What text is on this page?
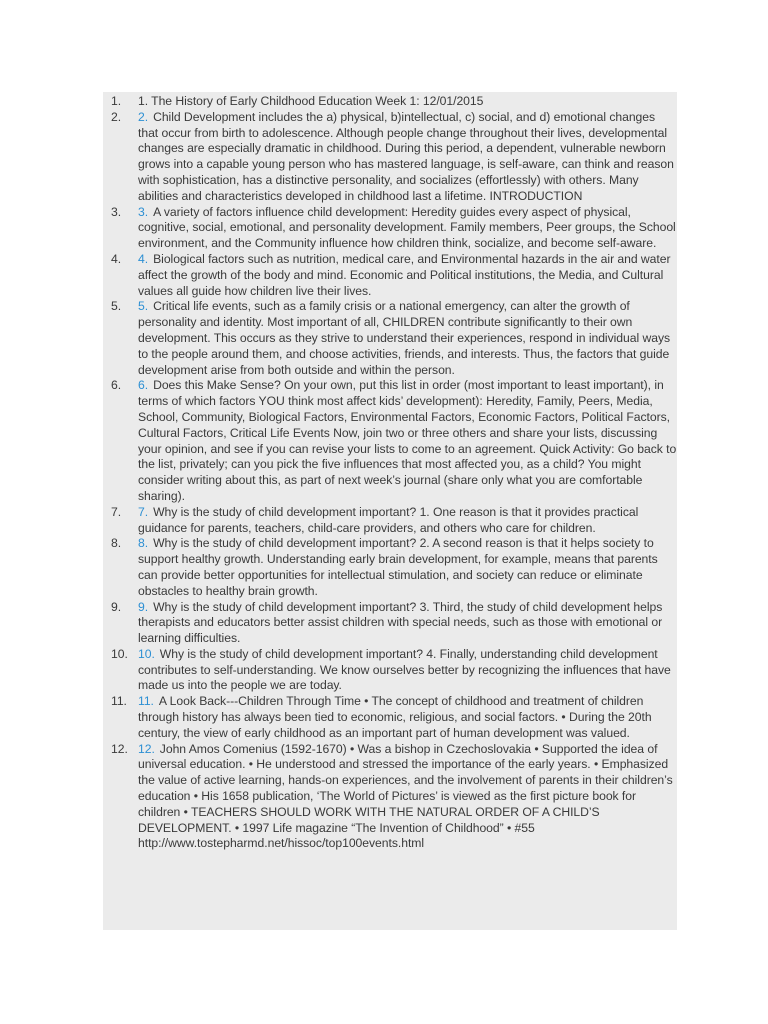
1.	1. The History of Early Childhood Education Week 1: 12/01/2015
2.	2. Child Development includes the a) physical, b)intellectual, c) social, and d) emotional changes that occur from birth to adolescence. Although people change throughout their lives, developmental changes are especially dramatic in childhood. During this period, a dependent, vulnerable newborn grows into a capable young person who has mastered language, is self-aware, can think and reason with sophistication, has a distinctive personality, and socializes (effortlessly) with others. Many abilities and characteristics developed in childhood last a lifetime. INTRODUCTION
3.	3. A variety of factors influence child development: Heredity guides every aspect of physical, cognitive, social, emotional, and personality development. Family members, Peer groups, the School environment, and the Community influence how children think, socialize, and become self-aware.
4.	4. Biological factors such as nutrition, medical care, and Environmental hazards in the air and water affect the growth of the body and mind. Economic and Political institutions, the Media, and Cultural values all guide how children live their lives.
5.	5. Critical life events, such as a family crisis or a national emergency, can alter the growth of personality and identity. Most important of all, CHILDREN contribute significantly to their own development. This occurs as they strive to understand their experiences, respond in individual ways to the people around them, and choose activities, friends, and interests. Thus, the factors that guide development arise from both outside and within the person.
6.	6. Does this Make Sense? On your own, put this list in order (most important to least important), in terms of which factors YOU think most affect kids’ development): Heredity, Family, Peers, Media, School, Community, Biological Factors, Environmental Factors, Economic Factors, Political Factors, Cultural Factors, Critical Life Events Now, join two or three others and share your lists, discussing your opinion, and see if you can revise your lists to come to an agreement. Quick Activity: Go back to the list, privately; can you pick the five influences that most affected you, as a child? You might consider writing about this, as part of next week’s journal (share only what you are comfortable sharing).
7.	7. Why is the study of child development important? 1. One reason is that it provides practical guidance for parents, teachers, child-care providers, and others who care for children.
8.	8. Why is the study of child development important? 2. A second reason is that it helps society to support healthy growth. Understanding early brain development, for example, means that parents can provide better opportunities for intellectual stimulation, and society can reduce or eliminate obstacles to healthy brain growth.
9.	9. Why is the study of child development important? 3. Third, the study of child development helps therapists and educators better assist children with special needs, such as those with emotional or learning difficulties.
10. 10. Why is the study of child development important? 4. Finally, understanding child development contributes to self-understanding. We know ourselves better by recognizing the influences that have made us into the people we are today.
11. 11. A Look Back---Children Through Time • The concept of childhood and treatment of children through history has always been tied to economic, religious, and social factors. • During the 20th century, the view of early childhood as an important part of human development was valued.
12. 12. John Amos Comenius (1592-1670) • Was a bishop in Czechoslovakia • Supported the idea of universal education. • He understood and stressed the importance of the early years. • Emphasized the value of active learning, hands-on experiences, and the involvement of parents in their children’s education • His 1658 publication, ‘The World of Pictures’ is viewed as the first picture book for children • TEACHERS SHOULD WORK WITH THE NATURAL ORDER OF A CHILD’S DEVELOPMENT. • 1997 Life magazine “The Invention of Childhood” • #55 http://www.tostepharmd.net/hissoc/top100events.html
